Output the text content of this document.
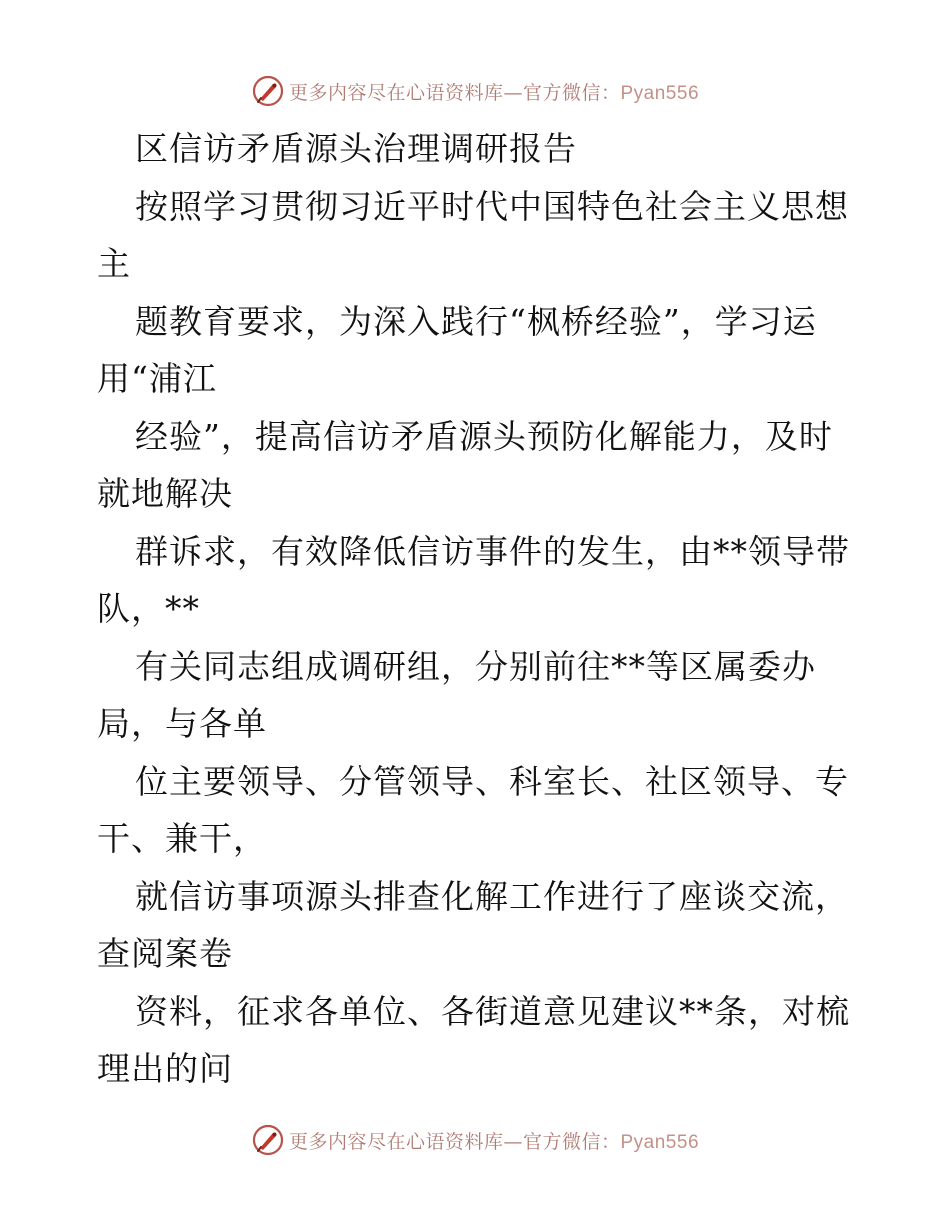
更多内容尽在心语资料库—官方微信：Pyan556
区信访矛盾源头治理调研报告
按照学习贯彻习近平时代中国特色社会主义思想
主
题教育要求，为深入践行“枫桥经验”，学习运
用“浦江
经验”，提高信访矛盾源头预防化解能力，及时
就地解决
群诉求，有效降低信访事件的发生，由**领导带
队，**
有关同志组成调研组，分别前往**等区属委办
局，与各单
位主要领导、分管领导、科室长、社区领导、专
干、兼干，
就信访事项源头排查化解工作进行了座谈交流，
查阅案卷
资料，征求各单位、各街道意见建议**条，对梳
理出的问
更多内容尽在心语资料库—官方微信：Pyan556
